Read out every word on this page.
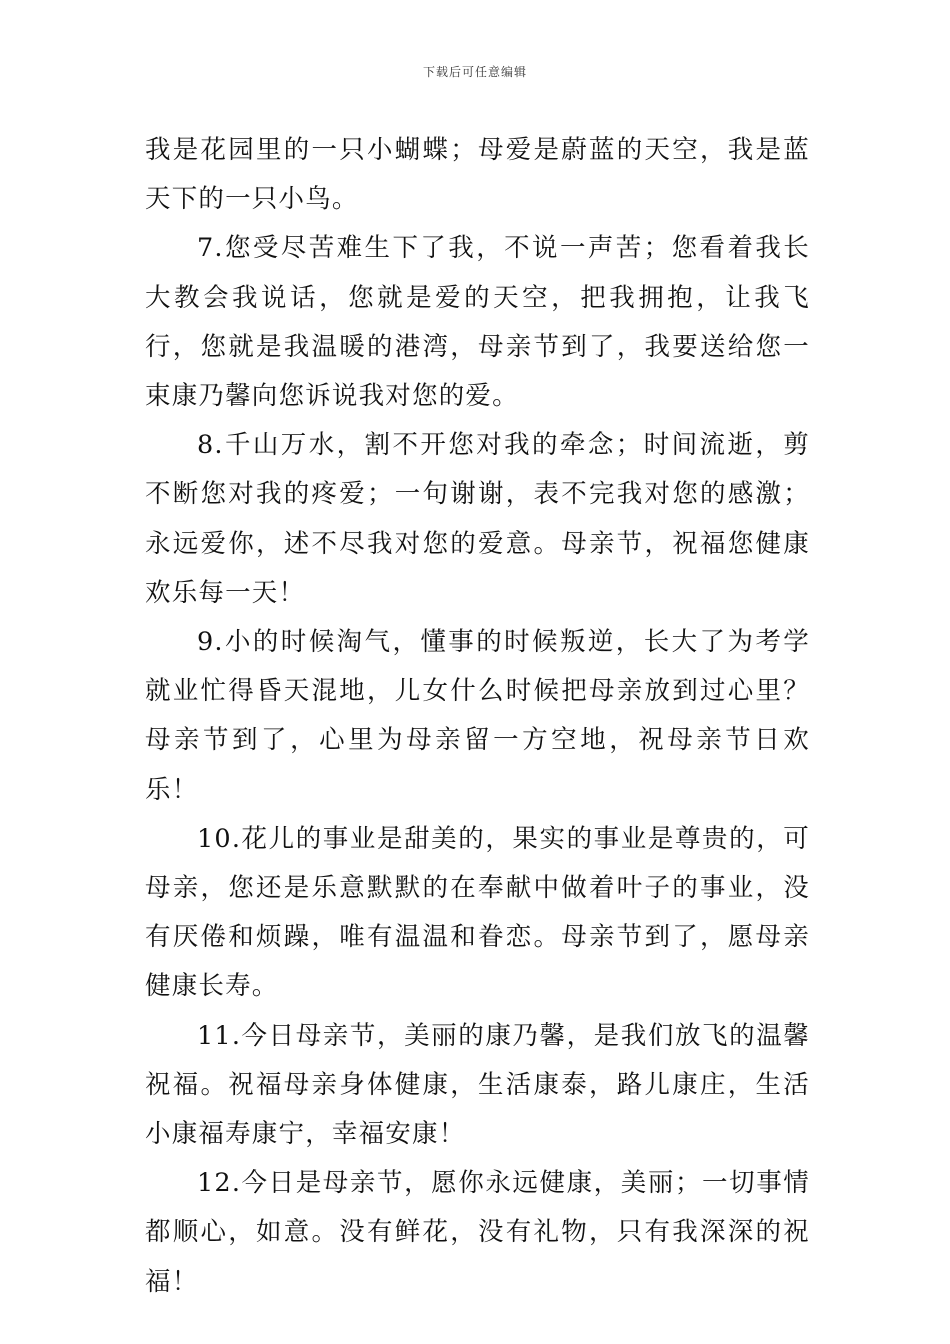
下载后可任意编辑

我是花园里的一只小蝴蝶；母爱是蔚蓝的天空，我是蓝天下的一只小鸟。

7.您受尽苦难生下了我，不说一声苦；您看着我长大教会我说话，您就是爱的天空，把我拥抱，让我飞行，您就是我温暖的港湾，母亲节到了，我要送给您一束康乃馨向您诉说我对您的爱。

8.千山万水，割不开您对我的牵念；时间流逝，剪不断您对我的疼爱；一句谢谢，表不完我对您的感激；永远爱你，述不尽我对您的爱意。母亲节，祝福您健康欢乐每一天！

9.小的时候淘气，懂事的时候叛逆，长大了为考学就业忙得昏天混地，儿女什么时候把母亲放到过心里？母亲节到了，心里为母亲留一方空地，祝母亲节日欢乐！

10.花儿的事业是甜美的，果实的事业是尊贵的，可母亲，您还是乐意默默的在奉献中做着叶子的事业，没有厌倦和烦躁，唯有温温和眷恋。母亲节到了，愿母亲健康长寿。

11.今日母亲节，美丽的康乃馨，是我们放飞的温馨祝福。祝福母亲身体健康，生活康泰，路儿康庄，生活小康福寿康宁，幸福安康！

12.今日是母亲节，愿你永远健康，美丽；一切事情都顺心，如意。没有鲜花，没有礼物，只有我深深的祝福！
